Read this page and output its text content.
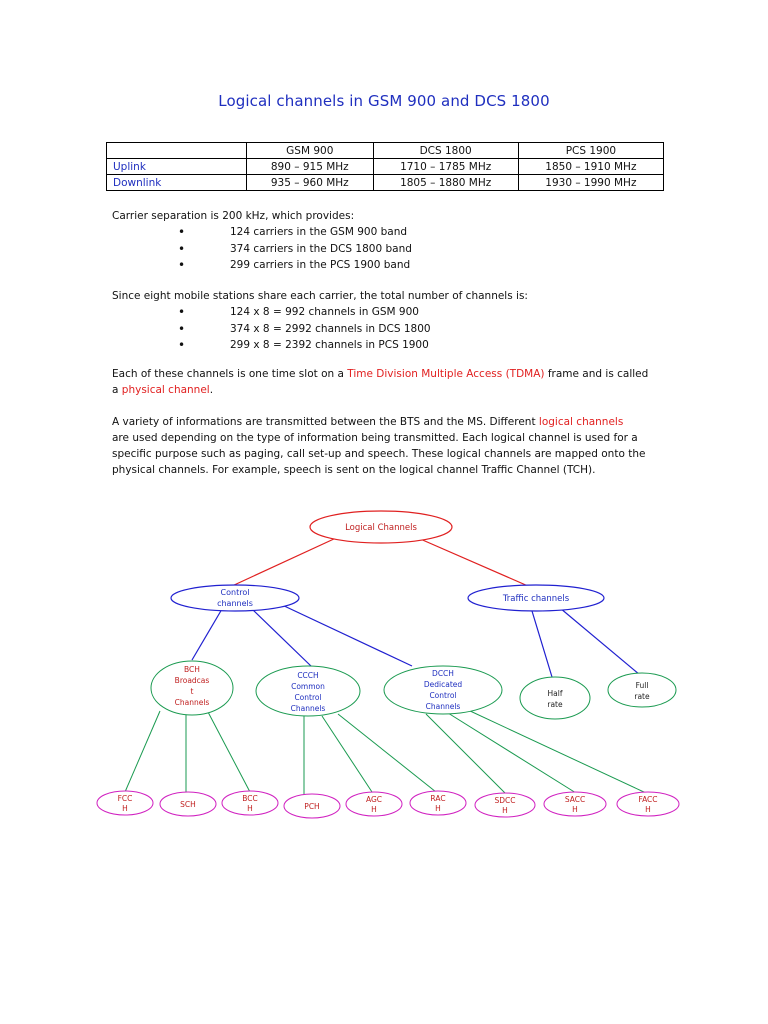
Logical channels in GSM 900 and DCS 1800
	GSM 900	DCS 1800	PCS 1900
Uplink	890 – 915 MHz	1710 – 1785 MHz	1850 – 1910 MHz
Downlink	935 – 960 MHz	1805 – 1880 MHz	1930 – 1990 MHz
Carrier separation is 200 kHz, which provides:
• 124 carriers in the GSM 900 band
• 374 carriers in the DCS 1800 band
• 299 carriers in the PCS 1900 band
Since eight mobile stations share each carrier, the total number of channels is:
• 124 x 8 = 992 channels in GSM 900
• 374 x 8 = 2992 channels in DCS 1800
• 299 x 8 = 2392 channels in PCS 1900
Each of these channels is one time slot on a Time Division Multiple Access (TDMA) frame and is called a physical channel.
A variety of informations are transmitted between the BTS and the MS. Different logical channels
are used depending on the type of information being transmitted. Each logical channel is used for a
specific purpose such as paging, call set-up and speech. These logical channels are mapped onto the
physical channels. For example, speech is sent on the logical channel Traffic Channel (TCH).
Logical Channels
Control
channels	Traffic channels
BCH
Broadcas
t
Channels
CCCH
Common
Control
Channels
DCCH
Dedicated
Control
Channels
Half
rate
Full
rate
FCC
H	SCH
BCC
H	PCH
AGC
H
RAC
H
SDCC
H
SACC
H
FACC
H
